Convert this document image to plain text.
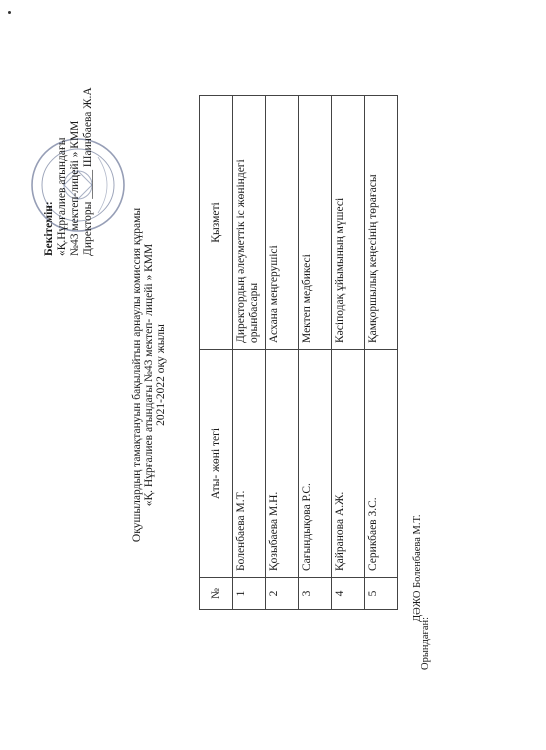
Бекітемін: «Қ.Нұрғалиев атындағы №43 мектеп-лицейі » КММ Директоры _____ Шаинбаева Ж.А
Оқушылардың тамақтануын бақылайтын арнаулы комиссия құрамы «Қ. Нұрғалиев атындағы №43 мектеп- лицейі » КММ 2021-2022 оқу жылы
№	Аты- жөні тегі	Қызметі
1	Боленбаева М.Т.	Директордың әлеуметтік іс жөніндегі орынбасары
2	Қозыбаева М.Н.	Асхана меңгерушісі
3	Сағындықова Р.С.	Мектеп медбикесі
4	Қайранова А.Ж.	Кәсіподақ ұйымының мүшесі
5	Серикбаев З.С.	Қамқоршылық кеңесінің төрағасы
Орындаған:
ДӘЖО Боленбаева М.Т.
